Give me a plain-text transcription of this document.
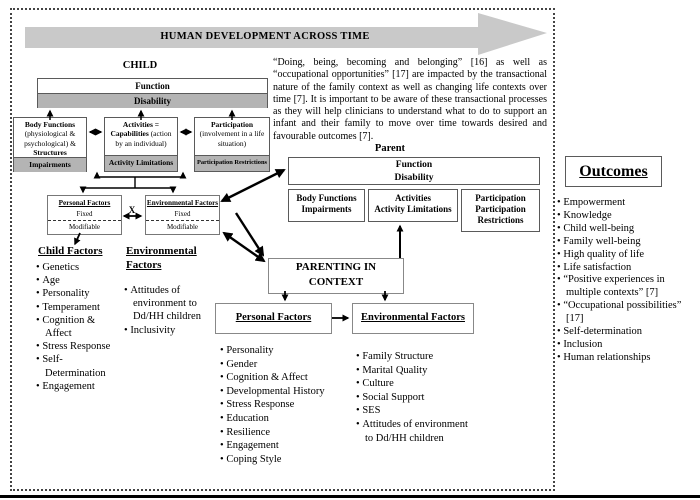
HUMAN DEVELOPMENT ACROSS TIME
CHILD
Function
Disability
Body Functions
(physiological & psychological) &
Structures
Impairments
Activities =
Capabilities (action by an individual)
Activity Limitations
Participation
(involvement in a life situation)
Participation Restrictions
Personal Factors
Fixed
Modifiable
Environmental Factors
Fixed
Modifiable
X
“Doing, being, becoming and belonging” [16] as well as “occupational opportunities” [17] are impacted by the transactional nature of the family context as well as changing life contexts over time [7]. It is important to be aware of these transactional processes as they will help clinicians to understand what to do to support an infant and their family to move over time towards desired and favourable outcomes [7].
Parent
Function
Disability
Body Functions
Impairments
Activities
Activity Limitations
Participation
Participation
Restrictions
PARENTING IN
CONTEXT
Personal Factors	Environmental Factors
Child Factors
• Genetics
• Age
• Personality
• Temperament
• Cognition & Affect
• Stress Response
• Self-Determination
• Engagement
Environmental
Factors
• Attitudes of environment to Dd/HH children
• Inclusivity
• Personality
• Gender
• Cognition & Affect
• Developmental History
• Stress Response
• Education
• Resilience
• Engagement
• Coping Style
• Family Structure
• Marital Quality
• Culture
• Social Support
• SES
• Attitudes of environment to Dd/HH children
Outcomes
• Empowerment
• Knowledge
• Child well-being
• Family well-being
• High quality of life
• Life satisfaction
• “Positive experiences in multiple contexts” [7]
• “Occupational possibilities” [17]
• Self-determination
• Inclusion
• Human relationships
